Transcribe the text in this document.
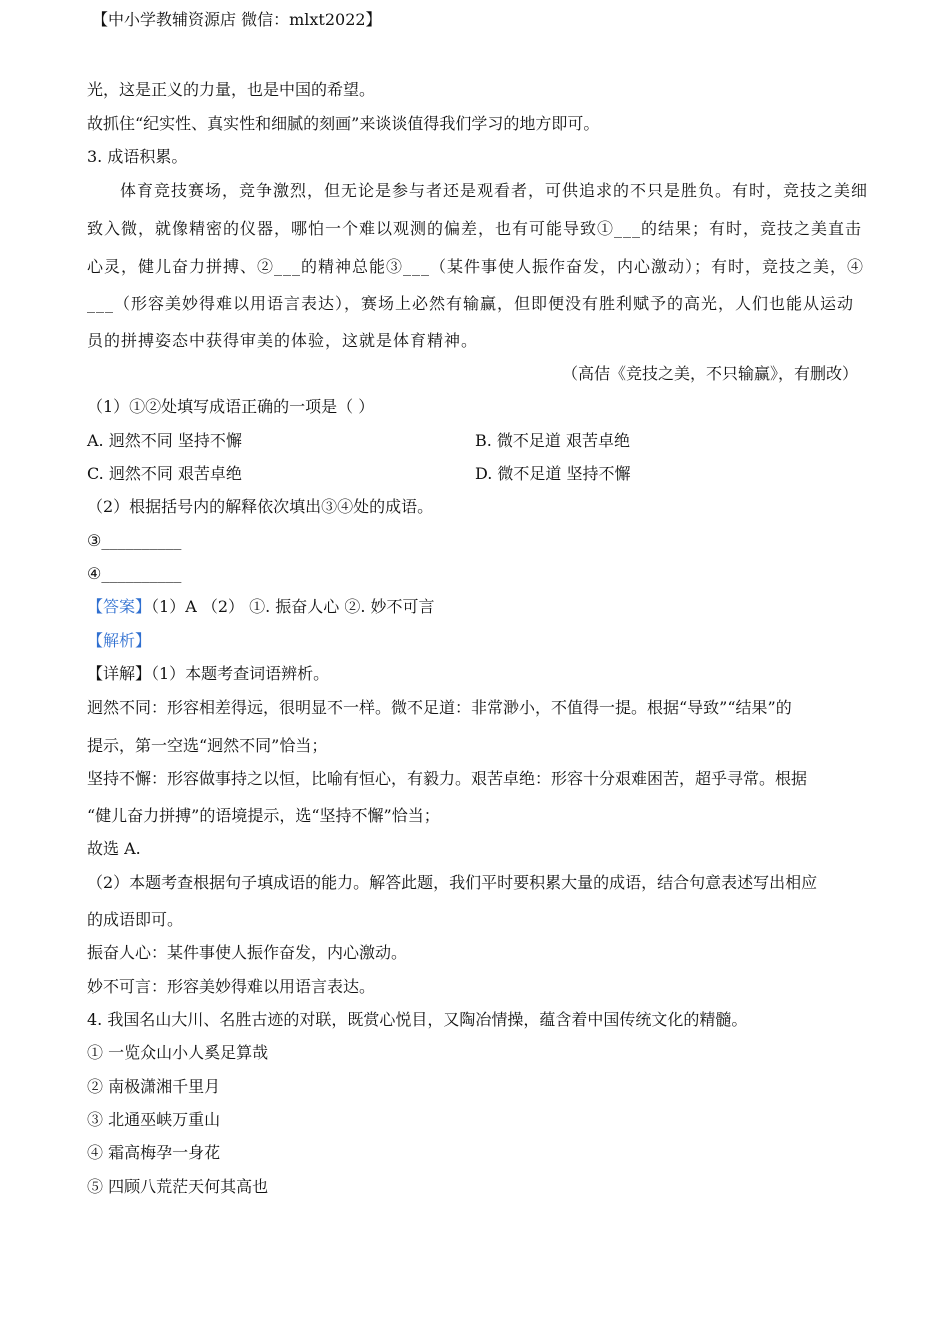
【中小学教辅资源店 微信：mlxt2022】
光，这是正义的力量，也是中国的希望。
故抓住“纪实性、真实性和细腻的刻画”来谈谈值得我们学习的地方即可。
3. 成语积累。
体育竞技赛场，竞争激烈，但无论是参与者还是观看者，可供追求的不只是胜负。有时，竞技之美细
致入微，就像精密的仪器，哪怕一个难以观测的偏差，也有可能导致①___的结果；有时，竞技之美直击
心灵，健儿奋力拼搏、②___的精神总能③___（某件事使人振作奋发，内心激动）；有时，竞技之美，④
___（形容美妙得难以用语言表达），赛场上必然有输赢，但即便没有胜利赋予的高光，人们也能从运动
员的拼搏姿态中获得审美的体验，这就是体育精神。
（高佶《竞技之美，不只输赢》，有删改）
（1）①②处填写成语正确的一项是（ ）
A. 迥然不同 坚持不懈	B. 微不足道 艰苦卓绝
C. 迥然不同 艰苦卓绝	D. 微不足道 坚持不懈
（2）根据括号内的解释依次填出③④处的成语。
③__________
④__________
【答案】（1）A （2） ①. 振奋人心 ②. 妙不可言
【解析】
【详解】（1）本题考查词语辨析。
迥然不同：形容相差得远，很明显不一样。微不足道：非常渺小，不值得一提。根据“导致”“结果”的
提示，第一空选“迥然不同”恰当；
坚持不懈：形容做事持之以恒，比喻有恒心，有毅力。艰苦卓绝：形容十分艰难困苦，超乎寻常。根据
“健儿奋力拼搏”的语境提示，选“坚持不懈”恰当；
故选 A.
（2）本题考查根据句子填成语的能力。解答此题，我们平时要积累大量的成语，结合句意表述写出相应
的成语即可。
振奋人心：某件事使人振作奋发，内心激动。
妙不可言：形容美妙得难以用语言表达。
4. 我国名山大川、名胜古迹的对联，既赏心悦目，又陶冶情操，蕴含着中国传统文化的精髓。
① 一览众山小人奚足算哉
② 南极潇湘千里月
③ 北通巫峡万重山
④ 霜高梅孕一身花
⑤ 四顾八荒茫天何其高也
